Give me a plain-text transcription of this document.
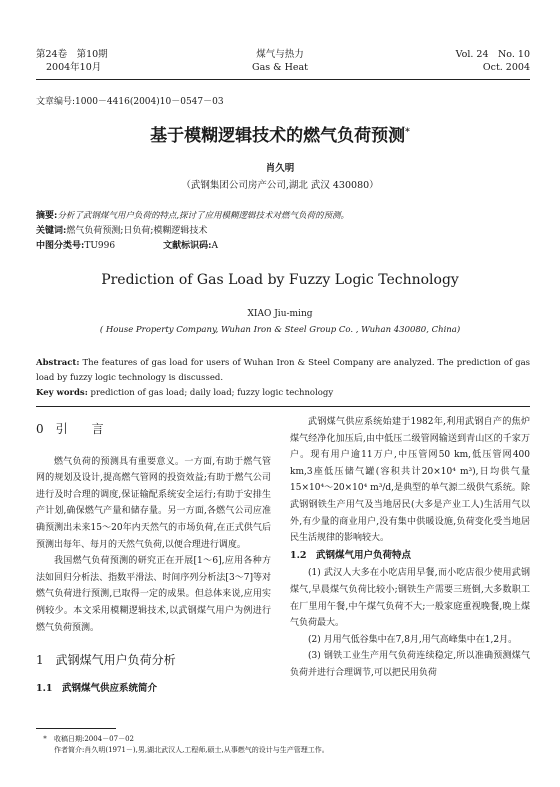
第24卷　第10期
2004年10月
煤气与热力
Gas & Heat
Vol. 24　No. 10
Oct. 2004
文章编号:1000－4416(2004)10－0547－03
基于模糊逻辑技术的燃气负荷预测*
肖久明
（武钢集团公司房产公司,湖北 武汉 430080）
摘要:分析了武钢煤气用户负荷的特点,探讨了应用模糊逻辑技术对燃气负荷的预测。
关键词:燃气负荷预测;日负荷;模糊逻辑技术
中图分类号:TU996	文献标识码:A
Prediction of Gas Load by Fuzzy Logic Technology
XIAO Jiu-ming
( House Property Company, Wuhan Iron & Steel Group Co. , Wuhan 430080, China)
Abstract: The features of gas load for users of Wuhan Iron & Steel Company are analyzed. The prediction of gas load by fuzzy logic technology is discussed.
Key words: prediction of gas load; daily load; fuzzy logic technology
0　引　　言

燃气负荷的预测具有重要意义。一方面,有助于燃气管网的规划及设计,提高燃气管网的投资效益;有助于燃气公司进行及时合理的调度,保证输配系统安全运行;有助于安排生产计划,确保燃气产量和储存量。另一方面,各燃气公司应准确预测出未来15～20年内天然气的市场负荷,在正式供气后预测出每年、每月的天然气负荷,以便合理进行调度。

我国燃气负荷预测的研究正在开展[1～6],应用各种方法如回归分析法、指数平滑法、时间序列分析法[3～7]等对燃气负荷进行预测,已取得一定的成果。但总体来说,应用实例较少。本文采用模糊逻辑技术,以武钢煤气用户为例进行燃气负荷预测。

1　武钢煤气用户负荷分析
1.1　武钢煤气供应系统简介

武钢煤气供应系统始建于1982年,利用武钢自产的焦炉煤气经净化加压后,由中低压二级管网输送到青山区的千家万户。现有用户逾11万户,中压管网50 km,低压管网400 km,3座低压储气罐(容积共计20×10⁴ m³),日均供气量15×10⁴～20×10⁴ m³/d,是典型的单气源二级供气系统。除武钢钢铁生产用气及当地居民(大多是产业工人)生活用气以外,有少量的商业用户,没有集中供暖设施,负荷变化受当地居民生活规律的影响较大。

1.2　武钢煤气用户负荷特点

(1) 武汉人大多在小吃店用早餐,而小吃店很少使用武钢煤气,早晨煤气负荷比较小;钢铁生产需要三班倒,大多数职工在厂里用午餐,中午煤气负荷不大;一般家庭重视晚餐,晚上煤气负荷最大。

(2) 月用气低谷集中在7,8月,用气高峰集中在1,2月。

(3) 钢铁工业生产用气负荷连续稳定,所以准确预测煤气负荷并进行合理调节,可以把民用负荷

* 收稿日期:2004－07－02
作者简介:肖久明(1971－),男,湖北武汉人,工程师,硕士,从事燃气的设计与生产管理工作。
